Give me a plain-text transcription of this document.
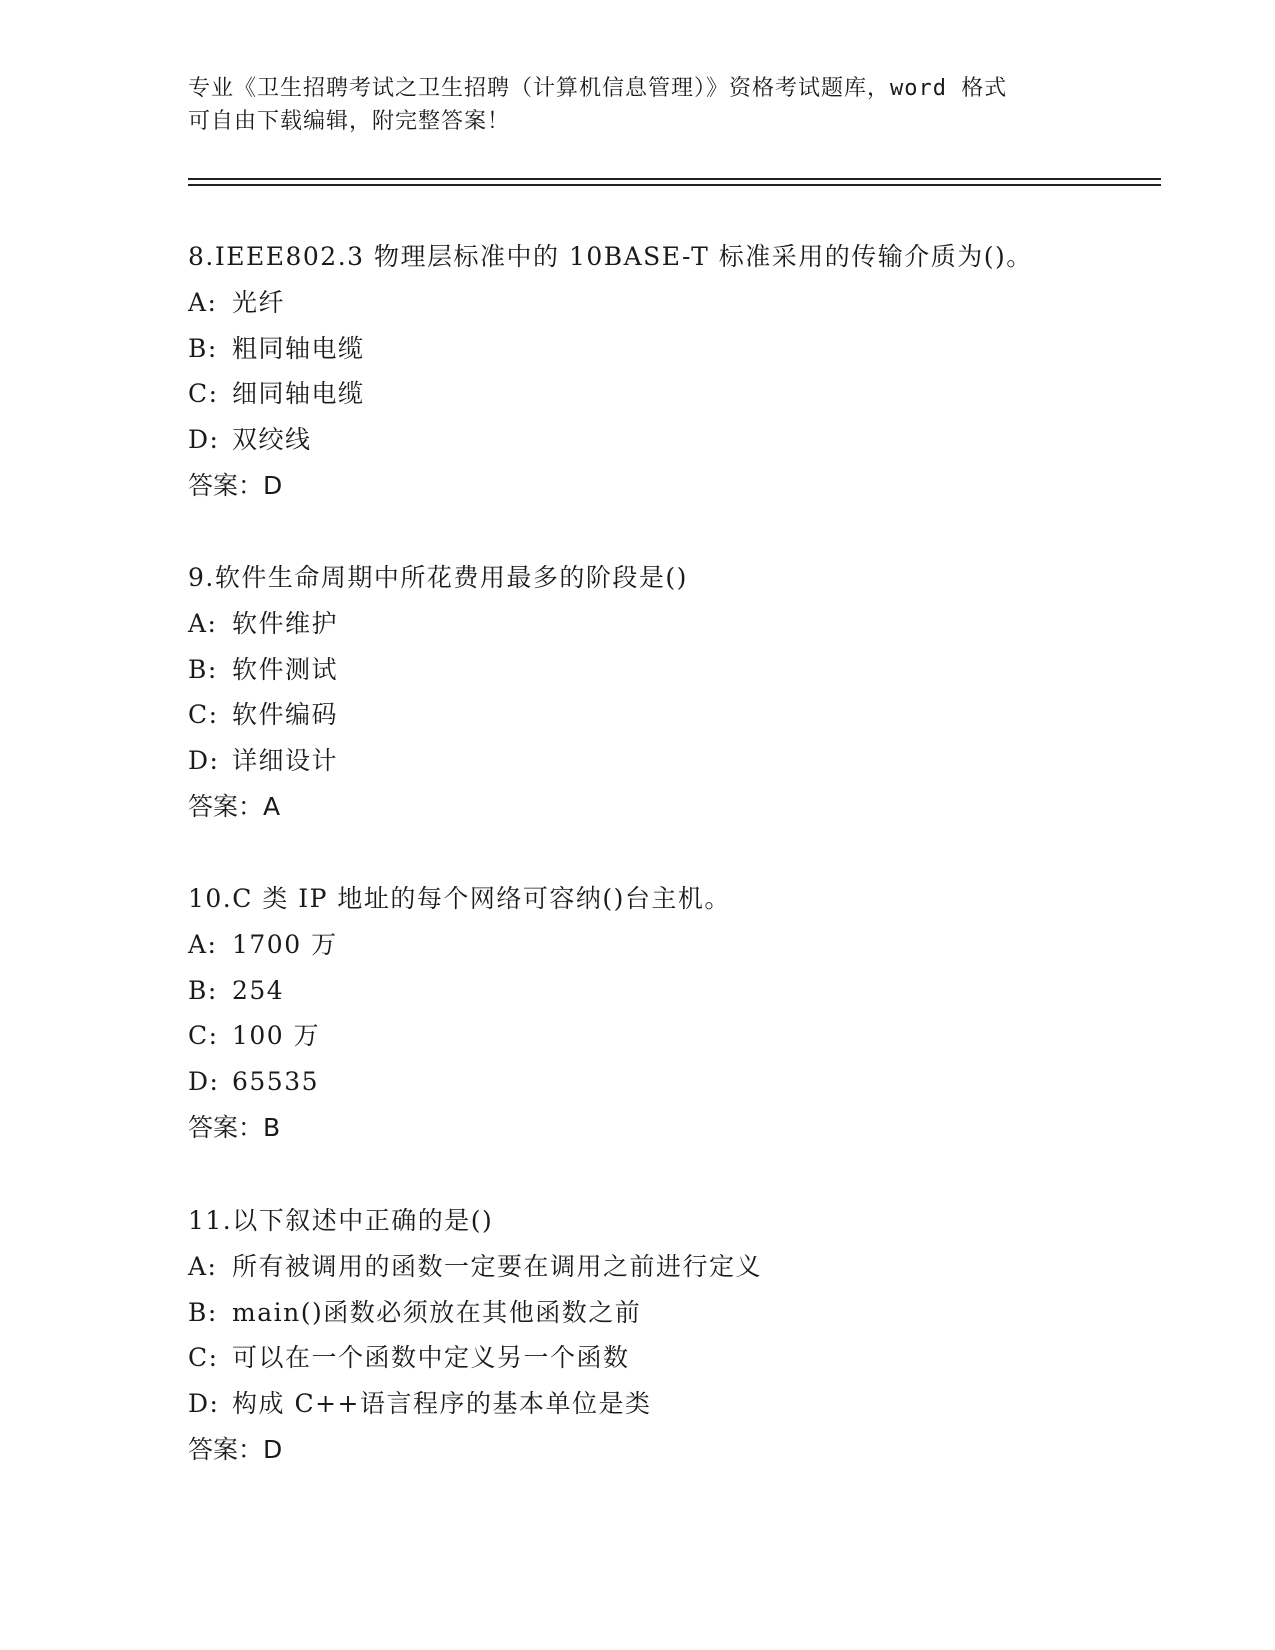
专业《卫生招聘考试之卫生招聘（计算机信息管理）》资格考试题库，word 格式
可自由下载编辑，附完整答案！
8.IEEE802.3 物理层标准中的 10BASE-T 标准采用的传输介质为()。
A: 光纤
B: 粗同轴电缆
C: 细同轴电缆
D: 双绞线
答案：D
9.软件生命周期中所花费用最多的阶段是()
A: 软件维护
B: 软件测试
C: 软件编码
D: 详细设计
答案：A
10.C 类 IP 地址的每个网络可容纳()台主机。
A: 1700 万
B: 254
C: 100 万
D: 65535
答案：B
11.以下叙述中正确的是()
A: 所有被调用的函数一定要在调用之前进行定义
B: main()函数必须放在其他函数之前
C: 可以在一个函数中定义另一个函数
D: 构成 C++语言程序的基本单位是类
答案：D
